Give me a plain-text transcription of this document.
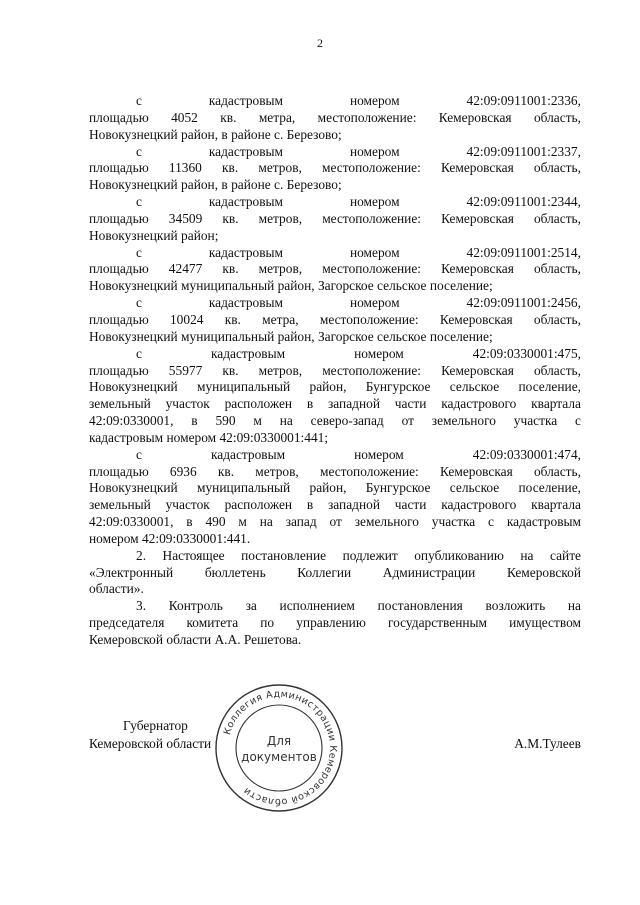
2
с	кадастровым	номером	42:09:0911001:2336,
площадью 4052 кв. метра, местоположение: Кемеровская область,
Новокузнецкий район, в районе с. Березово;
с	кадастровым	номером	42:09:0911001:2337,
площадью 11360 кв. метров, местоположение: Кемеровская область,
Новокузнецкий район, в районе с. Березово;
с	кадастровым	номером	42:09:0911001:2344,
площадью 34509 кв. метров, местоположение: Кемеровская область,
Новокузнецкий район;
с	кадастровым	номером	42:09:0911001:2514,
площадью 42477 кв. метров, местоположение: Кемеровская область,
Новокузнецкий муниципальный район, Загорское сельское поселение;
с	кадастровым	номером	42:09:0911001:2456,
площадью 10024 кв. метра, местоположение: Кемеровская область,
Новокузнецкий муниципальный район, Загорское сельское поселение;
с	кадастровым	номером	42:09:0330001:475,
площадью 55977 кв. метров, местоположение: Кемеровская область,
Новокузнецкий муниципальный район, Бунгурское сельское поселение,
земельный участок расположен в западной части кадастрового квартала
42:09:0330001, в 590 м на северо-запад от земельного участка с
кадастровым номером 42:09:0330001:441;
с	кадастровым	номером	42:09:0330001:474,
площадью 6936 кв. метров, местоположение: Кемеровская область,
Новокузнецкий муниципальный район, Бунгурское сельское поселение,
земельный участок расположен в западной части кадастрового квартала
42:09:0330001, в 490 м на запад от земельного участка с кадастровым
номером 42:09:0330001:441.
2. Настоящее постановление подлежит опубликованию на сайте
«Электронный бюллетень Коллегии Администрации Кемеровской
области».
3. Контроль за исполнением постановления возложить на
председателя комитета по управлению государственным имуществом
Кемеровской области А.А. Решетова.
Губернатор
Кемеровской области	А.М.Тулеев
Коллегия Администрации Кемеровской области
Для
документов
